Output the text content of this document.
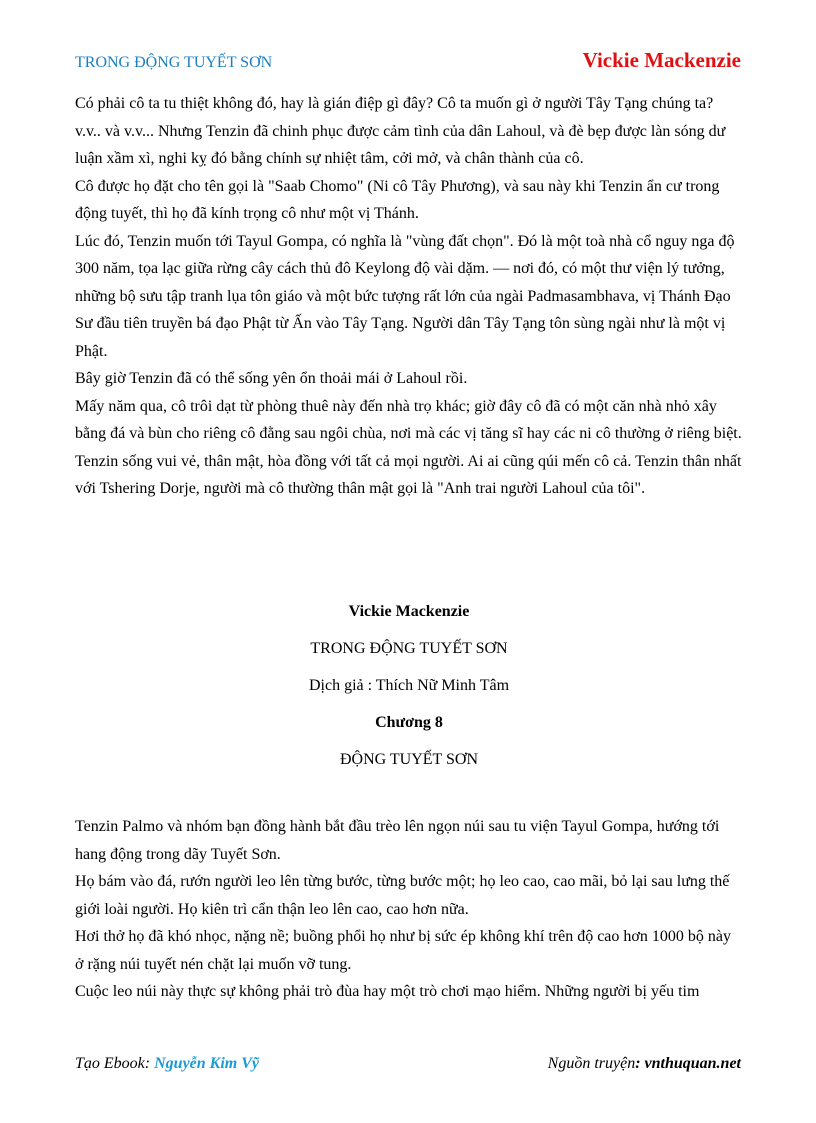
TRONG ĐỘNG TUYẾT SƠN	Vickie Mackenzie

Có phải cô ta tu thiệt không đó, hay là gián điệp gì đây? Cô ta muốn gì ở người Tây Tạng chúng ta? v.v.. và v.v... Nhưng Tenzin đã chinh phục được cảm tình của dân Lahoul, và đè bẹp được làn sóng dư luận xầm xì, nghi kỵ đó bằng chính sự nhiệt tâm, cởi mở, và chân thành của cô.

Cô được họ đặt cho tên gọi là "Saab Chomo" (Ni cô Tây Phương), và sau này khi Tenzin ẩn cư trong động tuyết, thì họ đã kính trọng cô như một vị Thánh.

Lúc đó, Tenzin muốn tới Tayul Gompa, có nghĩa là "vùng đất chọn". Đó là một toà nhà cổ nguy nga độ 300 năm, tọa lạc giữa rừng cây cách thủ đô Keylong độ vài dặm. — nơi đó, có một thư viện lý tưởng, những bộ sưu tập tranh lụa tôn giáo và một bức tượng rất lớn của ngài Padmasambhava, vị Thánh Đạo Sư đầu tiên truyền bá đạo Phật từ Ấn vào Tây Tạng. Người dân Tây Tạng tôn sùng ngài như là một vị Phật.

Bây giờ Tenzin đã có thể sống yên ổn thoải mái ở Lahoul rồi.

Mấy năm qua, cô trôi dạt từ phòng thuê này đến nhà trọ khác; giờ đây cô đã có một căn nhà nhỏ xây bằng đá và bùn cho riêng cô đằng sau ngôi chùa, nơi mà các vị tăng sĩ hay các ni cô thường ở riêng biệt.

Tenzin sống vui vẻ, thân mật, hòa đồng với tất cả mọi người. Ai ai cũng qúi mến cô cả. Tenzin thân nhất với Tshering Dorje, người mà cô thường thân mật gọi là "Anh trai người Lahoul của tôi".

Vickie Mackenzie
TRONG ĐỘNG TUYẾT SƠN
Dịch giả : Thích Nữ Minh Tâm
Chương 8
ĐỘNG TUYẾT SƠN

Tenzin Palmo và nhóm bạn đồng hành bắt đầu trèo lên ngọn núi sau tu viện Tayul Gompa, hướng tới hang động trong dãy Tuyết Sơn.

Họ bám vào đá, rướn người leo lên từng bước, từng bước một; họ leo cao, cao mãi, bỏ lại sau lưng thế giới loài người. Họ kiên trì cẩn thận leo lên cao, cao hơn nữa.

Hơi thở họ đã khó nhọc, nặng nề; buồng phổi họ như bị sức ép không khí trên độ cao hơn 1000 bộ này ở rặng núi tuyết nén chặt lại muốn vỡ tung.

Cuộc leo núi này thực sự không phải trò đùa hay một trò chơi mạo hiểm. Những người bị yếu tim

Tạo Ebook: Nguyễn Kim Vỹ	Nguồn truyện: vnthuquan.net
